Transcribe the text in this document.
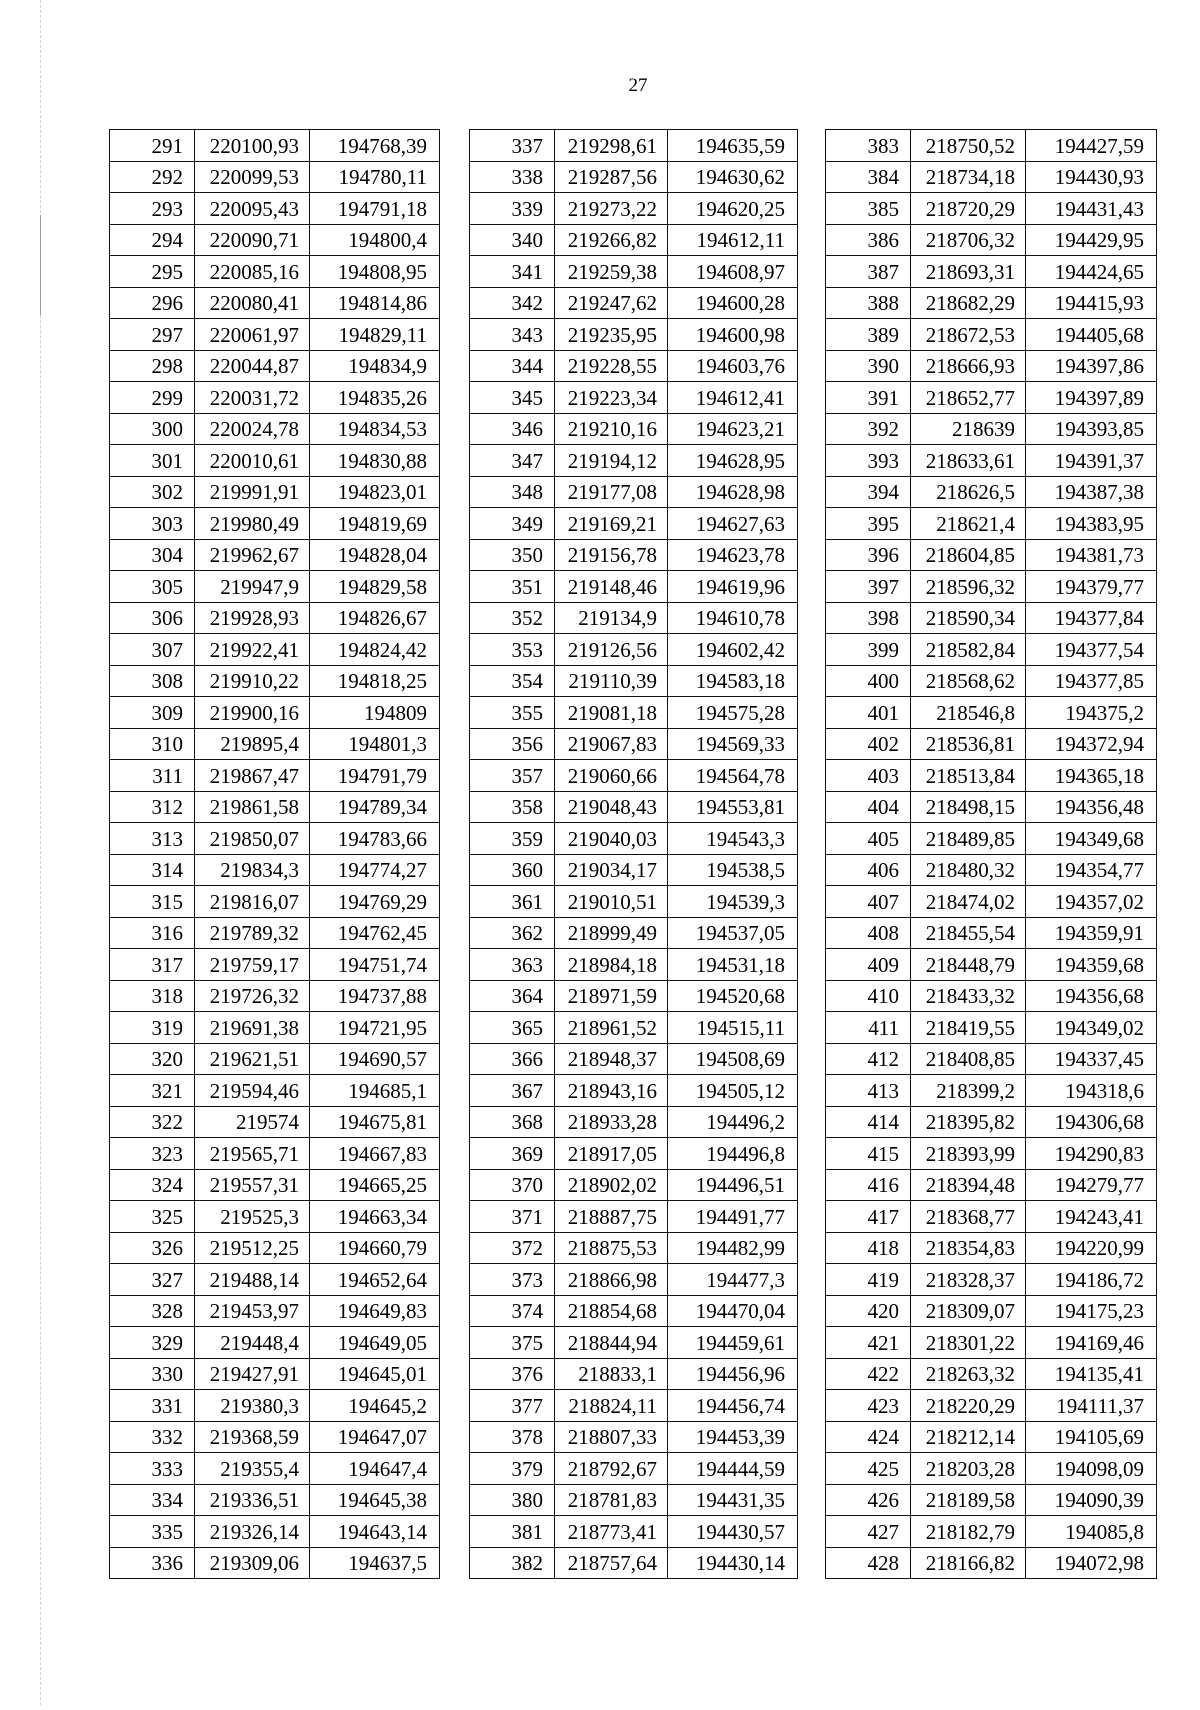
27
291	220100,93	194768,39
292	220099,53	194780,11
293	220095,43	194791,18
294	220090,71	194800,4
295	220085,16	194808,95
296	220080,41	194814,86
297	220061,97	194829,11
298	220044,87	194834,9
299	220031,72	194835,26
300	220024,78	194834,53
301	220010,61	194830,88
302	219991,91	194823,01
303	219980,49	194819,69
304	219962,67	194828,04
305	219947,9	194829,58
306	219928,93	194826,67
307	219922,41	194824,42
308	219910,22	194818,25
309	219900,16	194809
310	219895,4	194801,3
311	219867,47	194791,79
312	219861,58	194789,34
313	219850,07	194783,66
314	219834,3	194774,27
315	219816,07	194769,29
316	219789,32	194762,45
317	219759,17	194751,74
318	219726,32	194737,88
319	219691,38	194721,95
320	219621,51	194690,57
321	219594,46	194685,1
322	219574	194675,81
323	219565,71	194667,83
324	219557,31	194665,25
325	219525,3	194663,34
326	219512,25	194660,79
327	219488,14	194652,64
328	219453,97	194649,83
329	219448,4	194649,05
330	219427,91	194645,01
331	219380,3	194645,2
332	219368,59	194647,07
333	219355,4	194647,4
334	219336,51	194645,38
335	219326,14	194643,14
336	219309,06	194637,5
337	219298,61	194635,59
338	219287,56	194630,62
339	219273,22	194620,25
340	219266,82	194612,11
341	219259,38	194608,97
342	219247,62	194600,28
343	219235,95	194600,98
344	219228,55	194603,76
345	219223,34	194612,41
346	219210,16	194623,21
347	219194,12	194628,95
348	219177,08	194628,98
349	219169,21	194627,63
350	219156,78	194623,78
351	219148,46	194619,96
352	219134,9	194610,78
353	219126,56	194602,42
354	219110,39	194583,18
355	219081,18	194575,28
356	219067,83	194569,33
357	219060,66	194564,78
358	219048,43	194553,81
359	219040,03	194543,3
360	219034,17	194538,5
361	219010,51	194539,3
362	218999,49	194537,05
363	218984,18	194531,18
364	218971,59	194520,68
365	218961,52	194515,11
366	218948,37	194508,69
367	218943,16	194505,12
368	218933,28	194496,2
369	218917,05	194496,8
370	218902,02	194496,51
371	218887,75	194491,77
372	218875,53	194482,99
373	218866,98	194477,3
374	218854,68	194470,04
375	218844,94	194459,61
376	218833,1	194456,96
377	218824,11	194456,74
378	218807,33	194453,39
379	218792,67	194444,59
380	218781,83	194431,35
381	218773,41	194430,57
382	218757,64	194430,14
383	218750,52	194427,59
384	218734,18	194430,93
385	218720,29	194431,43
386	218706,32	194429,95
387	218693,31	194424,65
388	218682,29	194415,93
389	218672,53	194405,68
390	218666,93	194397,86
391	218652,77	194397,89
392	218639	194393,85
393	218633,61	194391,37
394	218626,5	194387,38
395	218621,4	194383,95
396	218604,85	194381,73
397	218596,32	194379,77
398	218590,34	194377,84
399	218582,84	194377,54
400	218568,62	194377,85
401	218546,8	194375,2
402	218536,81	194372,94
403	218513,84	194365,18
404	218498,15	194356,48
405	218489,85	194349,68
406	218480,32	194354,77
407	218474,02	194357,02
408	218455,54	194359,91
409	218448,79	194359,68
410	218433,32	194356,68
411	218419,55	194349,02
412	218408,85	194337,45
413	218399,2	194318,6
414	218395,82	194306,68
415	218393,99	194290,83
416	218394,48	194279,77
417	218368,77	194243,41
418	218354,83	194220,99
419	218328,37	194186,72
420	218309,07	194175,23
421	218301,22	194169,46
422	218263,32	194135,41
423	218220,29	194111,37
424	218212,14	194105,69
425	218203,28	194098,09
426	218189,58	194090,39
427	218182,79	194085,8
428	218166,82	194072,98
